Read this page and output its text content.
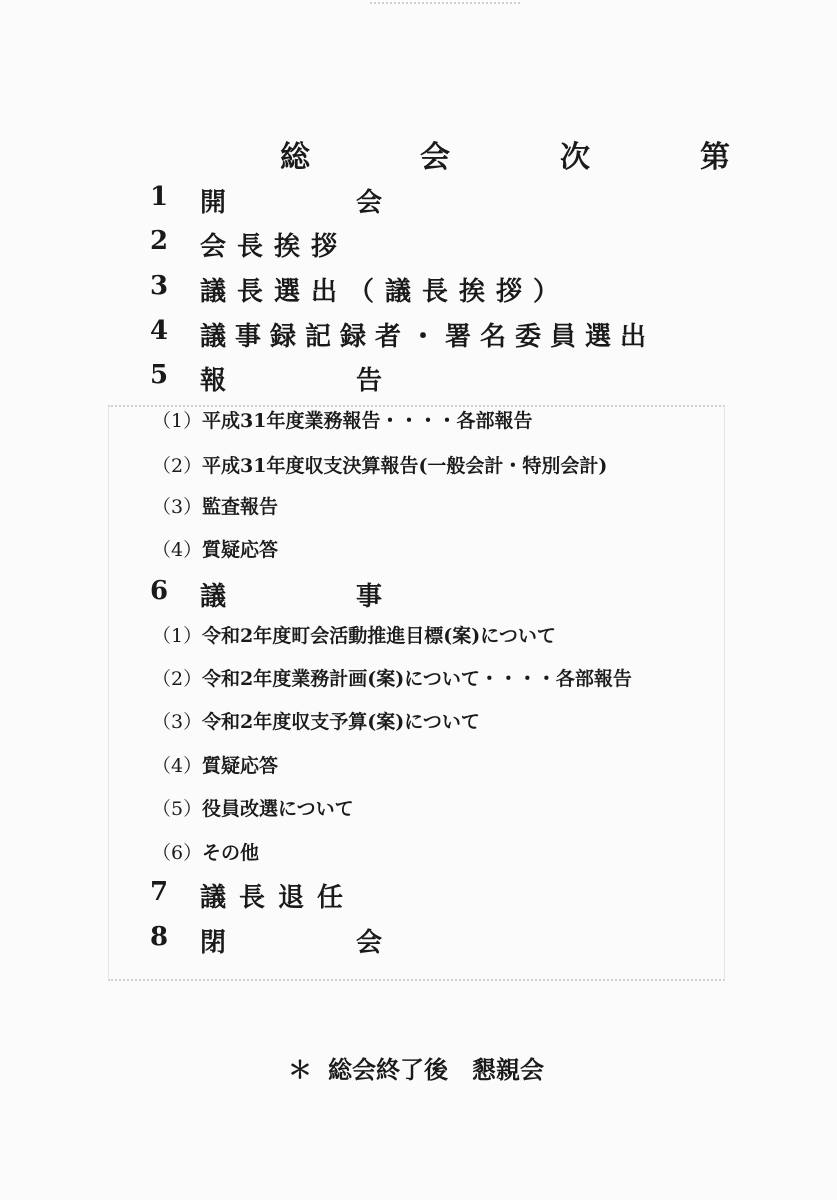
総　会　次　第
1	開　会
2	会長挨拶
3	議長選出（議長挨拶）
4	議事録記録者・署名委員選出
5	報　告
（1） 平成31年度業務報告・・・・各部報告
（2） 平成31年度収支決算報告(一般会計・特別会計)
（3） 監査報告
（4） 質疑応答
6	議　事
（1） 令和2年度町会活動推進目標(案)について
（2） 令和2年度業務計画(案)について・・・・各部報告
（3） 令和2年度収支予算(案)について
（4） 質疑応答
（5） 役員改選について
（6） その他
7	議長退任
8	閉　会
＊ 総会終了後　懇親会
